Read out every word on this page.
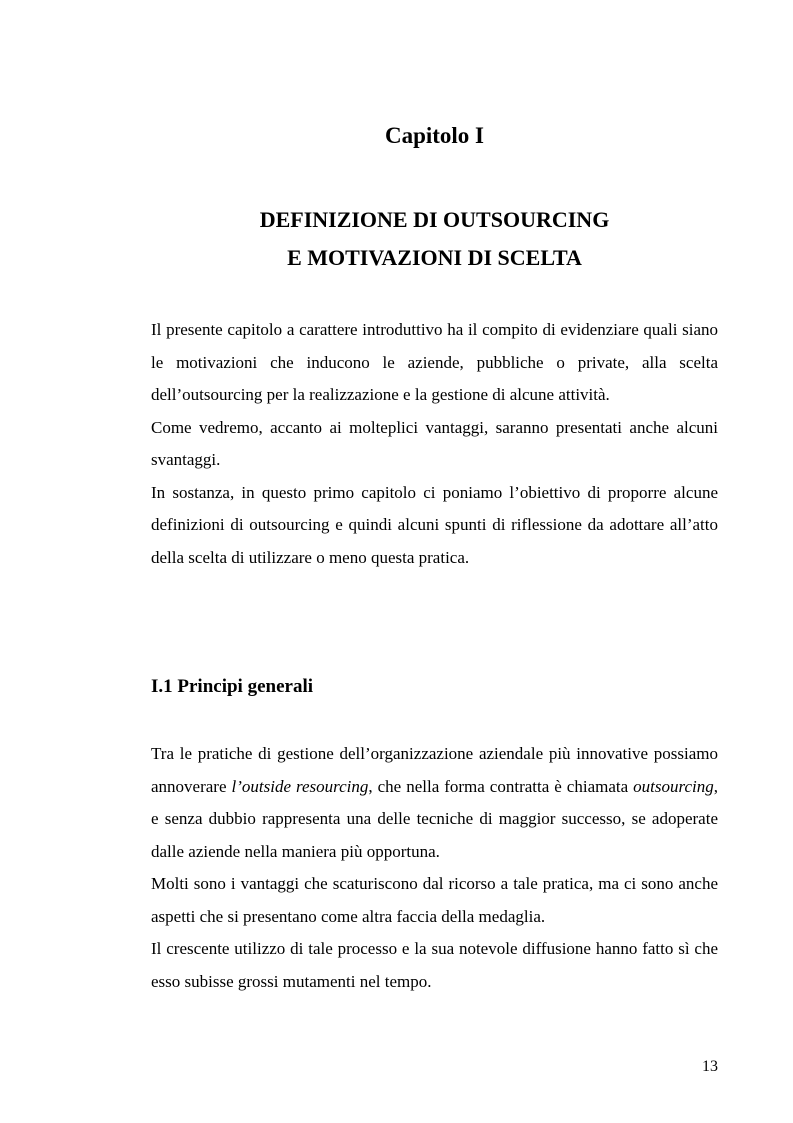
Capitolo I
DEFINIZIONE DI OUTSOURCING
E MOTIVAZIONI DI SCELTA

Il presente capitolo a carattere introduttivo ha il compito di evidenziare quali siano le motivazioni che inducono le aziende, pubbliche o private, alla scelta dell’outsourcing per la realizzazione e la gestione di alcune attività.

Come vedremo, accanto ai molteplici vantaggi, saranno presentati anche alcuni svantaggi.

In sostanza, in questo primo capitolo ci poniamo l’obiettivo di proporre alcune definizioni di outsourcing e quindi alcuni spunti di riflessione da adottare all’atto della scelta di utilizzare o meno questa pratica.

I.1 Principi generali

Tra le pratiche di gestione dell’organizzazione aziendale più innovative possiamo annoverare l’outside resourcing, che nella forma contratta è chiamata outsourcing, e senza dubbio rappresenta una delle tecniche di maggior successo, se adoperate dalle aziende nella maniera più opportuna.

Molti sono i vantaggi che scaturiscono dal ricorso a tale pratica, ma ci sono anche aspetti che si presentano come altra faccia della medaglia.

Il crescente utilizzo di tale processo e la sua notevole diffusione hanno fatto sì che esso subisse grossi mutamenti nel tempo.

13
